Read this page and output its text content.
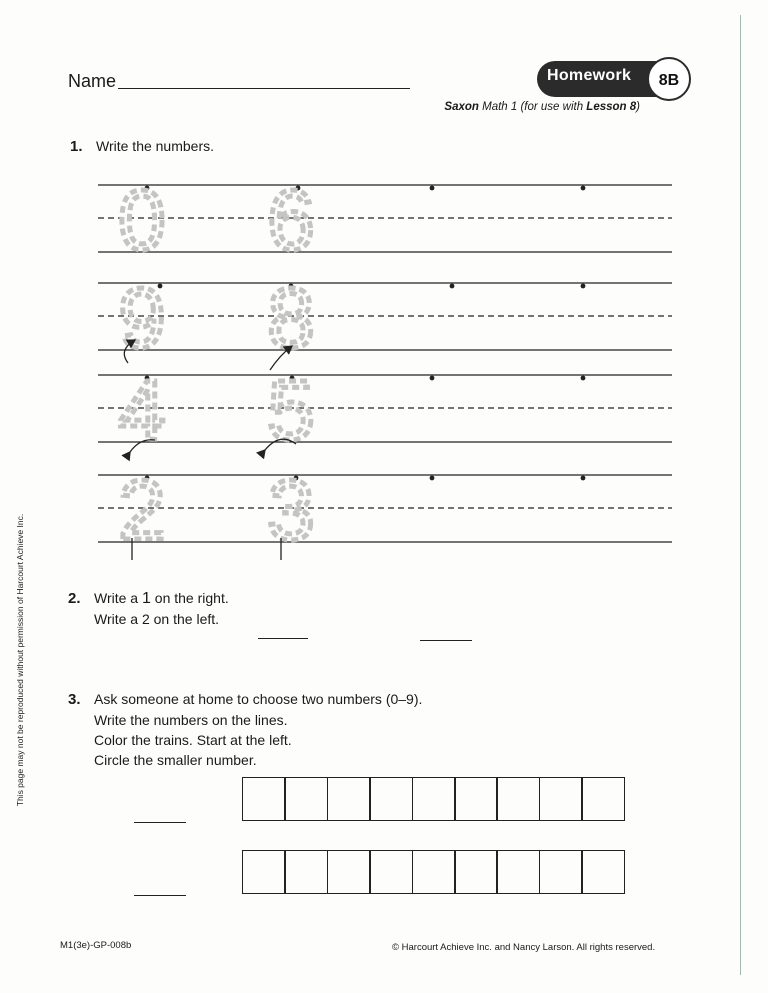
Name	Homework	8B
Saxon Math 1 (for use with Lesson 8)
1. Write the numbers.
0 6
9 8
4 5
2 3
2. Write a 1 on the right.
Write a 2 on the left.
3. Ask someone at home to choose two numbers (0–9).
Write the numbers on the lines.
Color the trains. Start at the left.
Circle the smaller number.
M1(3e)-GP-008b	© Harcourt Achieve Inc. and Nancy Larson. All rights reserved.
This page may not be reproduced without permission of Harcourt Achieve Inc.
